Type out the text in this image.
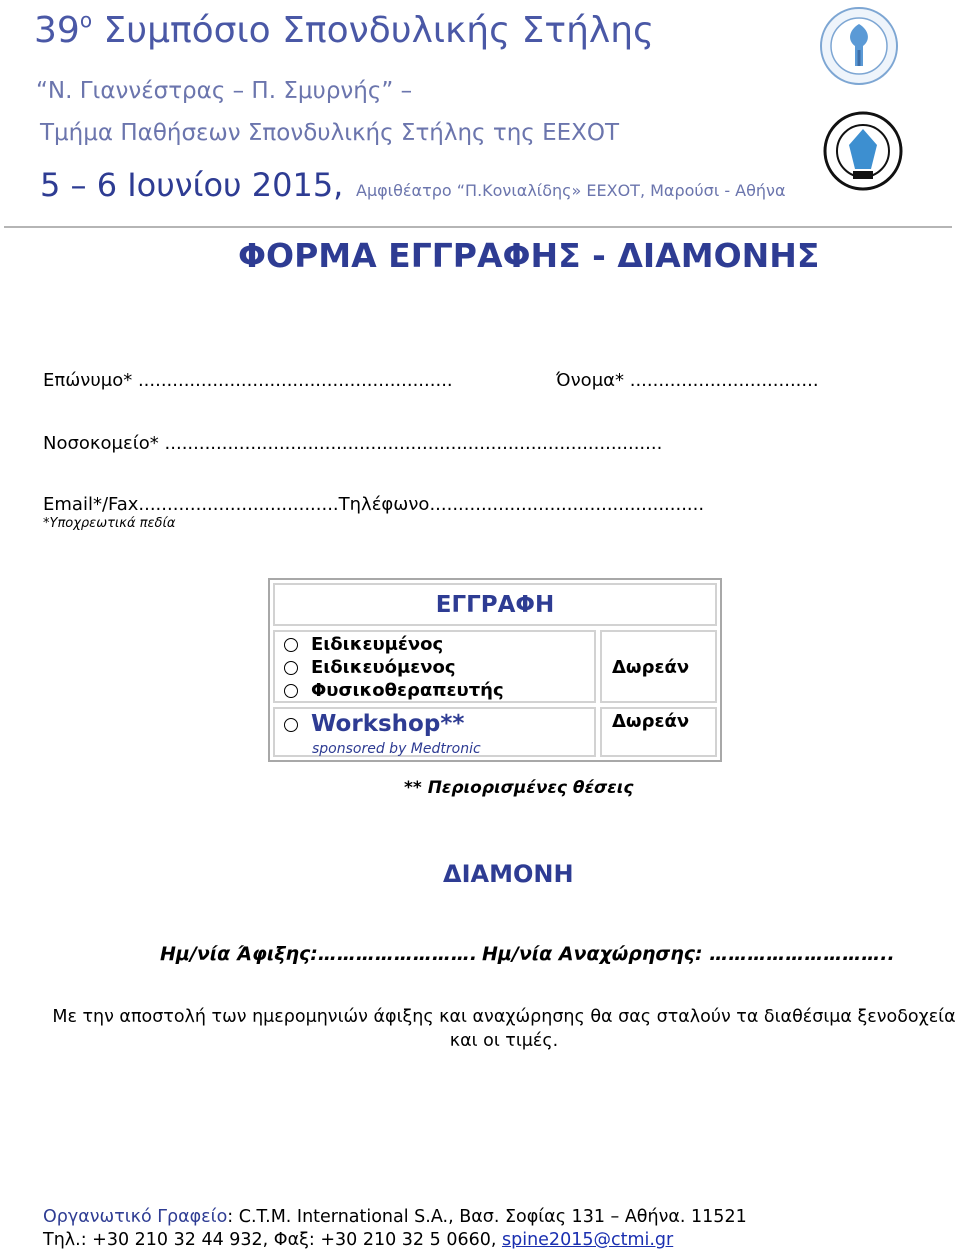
$39^o$ Συμπόσιο Σπονδυλικής Στήλης
“Ν. Γιαννέστρας – Π. Σμυρνής” –
Τμήμα Παθήσεων Σπονδυλικής Στήλης της ΕΕΧΟΤ
5 – 6 Ιουνίου 2015, Αμφιθέατρο “Π.Κονιαλίδης» ΕΕΧΟΤ, Μαρούσι - Αθήνα
ΦΟΡΜΑ ΕΓΓΡΑΦΗΣ - ΔΙΑΜΟΝΗΣ
Επώνυμο* .......................................................	Όνομα* .................................
Νοσοκομείο* .......................................................................................
Email*/Fax...................................Τηλέφωνο................................................
*Υποχρεωτικά πεδία
ΕΓΓΡΑΦΗ
Ειδικευμένος
Ειδικευόμενος
Φυσικοθεραπευτής
Δωρεάν
Workshop**
sponsored by Medtronic
Δωρεάν
** Περιορισμένες θέσεις
ΔΙΑΜΟΝΗ
Ημ/νία Άφιξης:……………………. Ημ/νία Αναχώρησης: ………………………..
Με την αποστολή των ημερομηνιών άφιξης και αναχώρησης θα σας σταλούν τα διαθέσιμα ξενοδοχεία και οι τιμές.
Οργανωτικό Γραφείο: C.T.M. International S.A., Βασ. Σοφίας 131 – Αθήνα. 11521
Τηλ.: +30 210 32 44 932, Φαξ: +30 210 32 5 0660, spine2015@ctmi.gr
